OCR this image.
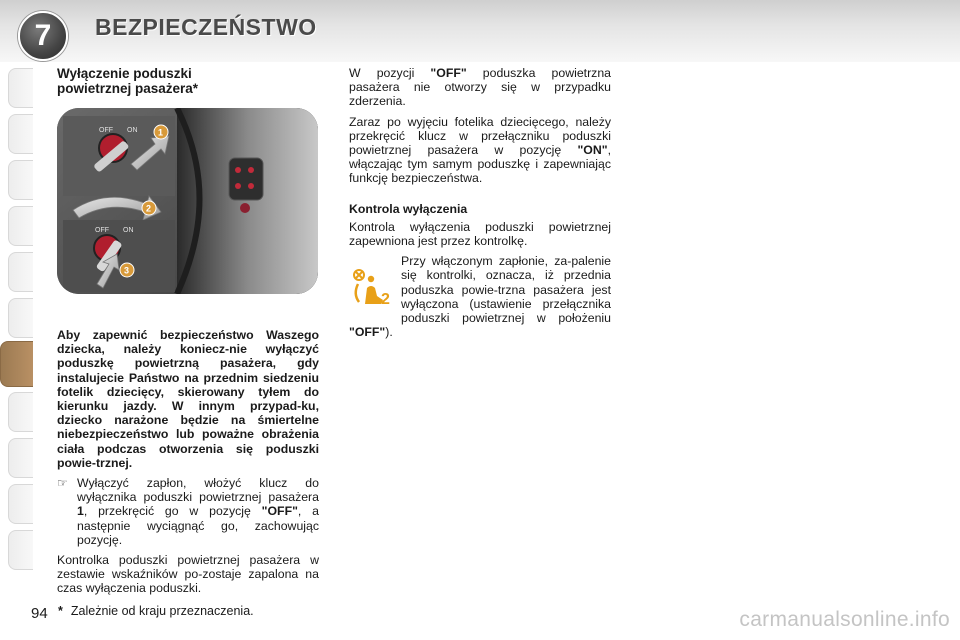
7 BEZPIECZEŃSTWO
Wyłączenie poduszki
powietrznej pasażera*

Aby zapewnić bezpieczeństwo Waszego dziecka, należy koniecz-nie wyłączyć poduszkę powietrzną pasażera, gdy instalujecie Państwo na przednim siedzeniu fotelik dziecięcy, skierowany tyłem do kierunku jazdy. W innym przypad-ku, dziecko narażone będzie na śmiertelne niebezpieczeństwo lub poważne obrażenia ciała podczas otworzenia się poduszki powie-trznej.

☞ Wyłączyć zapłon, włożyć klucz do wyłącznika poduszki powietrznej pasażera 1, przekręcić go w pozycję "OFF", a następnie wyciągnąć go, zachowując pozycję.

Kontrolka poduszki powietrznej pasażera w zestawie wskaźników po-zostaje zapalona na czas wyłączenia poduszki.

OFF ON 1
2
OFF ON
3

W pozycji "OFF" poduszka powietrzna pasażera nie otworzy się w przypadku zderzenia.

Zaraz po wyjęciu fotelika dziecięcego, należy przekręcić klucz w przełączniku poduszki powietrznej pasażera w pozycję "ON", włączając tym samym poduszkę i zapewniając funkcję bezpieczeństwa.

Kontrola wyłączenia

Kontrola wyłączenia poduszki powietrznej zapewniona jest przez kontrolkę.

2

Przy włączonym zapłonie, za-palenie się kontrolki, oznacza, iż przednia poduszka powie-trzna pasażera jest wyłączona (ustawienie przełącznika poduszki powietrznej w położeniu "OFF").

94 * Zależnie od kraju przeznaczenia.	carmanualsonline.info
